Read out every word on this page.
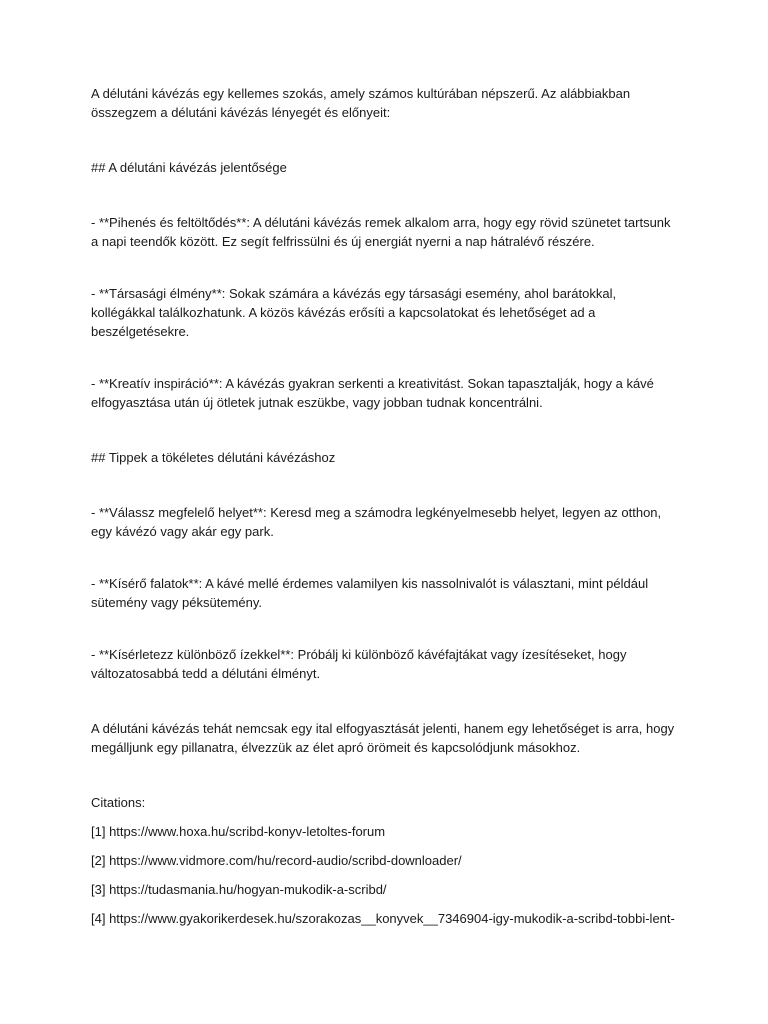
A délutáni kávézás egy kellemes szokás, amely számos kultúrában népszerű. Az alábbiakban összegzem a délutáni kávézás lényegét és előnyeit:

## A délutáni kávézás jelentősége

- **Pihenés és feltöltődés**: A délutáni kávézás remek alkalom arra, hogy egy rövid szünetet tartsunk a napi teendők között. Ez segít felfrissülni és új energiát nyerni a nap hátralévő részére.

- **Társasági élmény**: Sokak számára a kávézás egy társasági esemény, ahol barátokkal, kollégákkal találkozhatunk. A közös kávézás erősíti a kapcsolatokat és lehetőséget ad a beszélgetésekre.

- **Kreatív inspiráció**: A kávézás gyakran serkenti a kreativitást. Sokan tapasztalják, hogy a kávé elfogyasztása után új ötletek jutnak eszükbe, vagy jobban tudnak koncentrálni.

## Tippek a tökéletes délutáni kávézáshoz

- **Válassz megfelelő helyet**: Keresd meg a számodra legkényelmesebb helyet, legyen az otthon, egy kávézó vagy akár egy park.

- **Kísérő falatok**: A kávé mellé érdemes valamilyen kis nassolnivalót is választani, mint például sütemény vagy péksütemény.

- **Kísérletezz különböző ízekkel**: Próbálj ki különböző kávéfajtákat vagy ízesítéseket, hogy változatosabbá tedd a délutáni élményt.

A délutáni kávézás tehát nemcsak egy ital elfogyasztását jelenti, hanem egy lehetőséget is arra, hogy megálljunk egy pillanatra, élvezzük az élet apró örömeit és kapcsolódjunk másokhoz.

Citations:

[1] https://www.hoxa.hu/scribd-konyv-letoltes-forum

[2] https://www.vidmore.com/hu/record-audio/scribd-downloader/

[3] https://tudasmania.hu/hogyan-mukodik-a-scribd/

[4] https://www.gyakorikerdesek.hu/szorakozas__konyvek__7346904-igy-mukodik-a-scribd-tobbi-lent-
